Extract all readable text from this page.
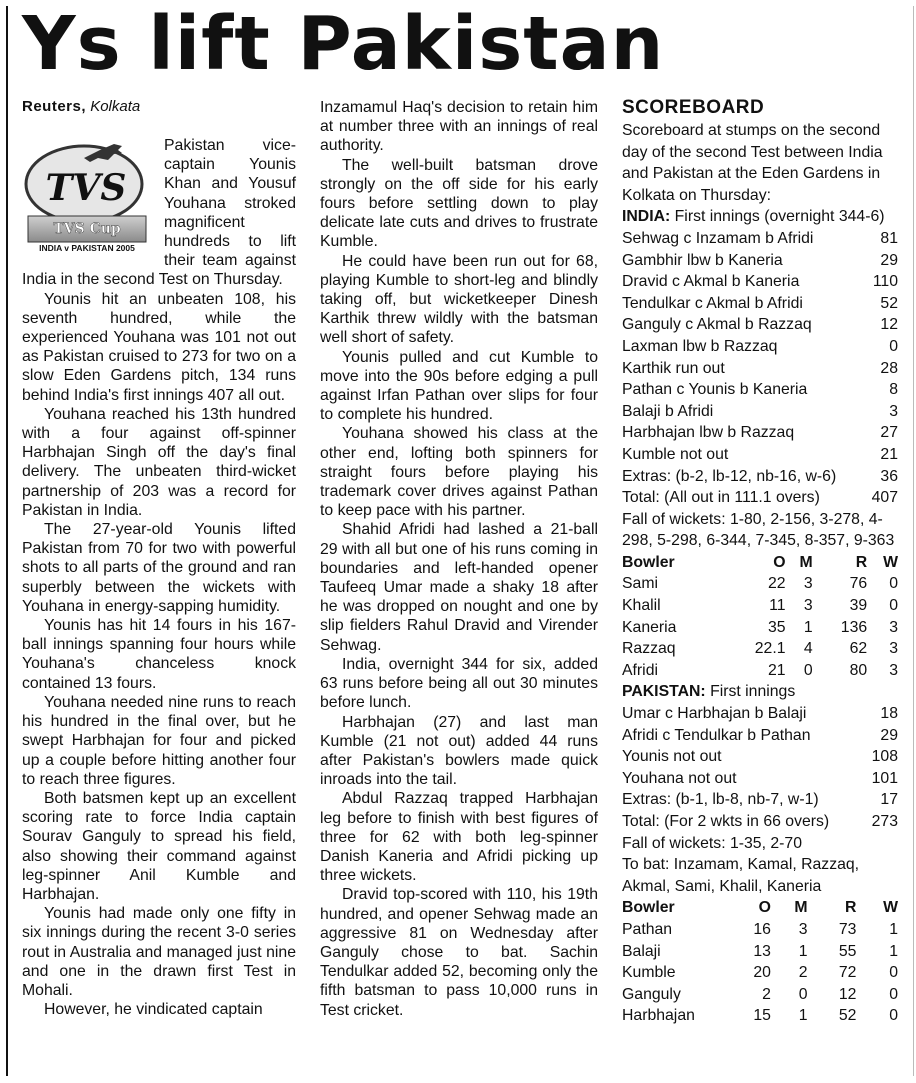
Ys lift Pakistan
Reuters, Kolkata
TVS
TVS Cup
INDIA v PAKISTAN 2005

Pakistan vice-captain Younis Khan and Yousuf Youhana stroked magnificent hundreds to lift their team against India in the second Test on Thursday.

Younis hit an unbeaten 108, his seventh hundred, while the experienced Youhana was 101 not out as Pakistan cruised to 273 for two on a slow Eden Gardens pitch, 134 runs behind India's first innings 407 all out.

Youhana reached his 13th hundred with a four against off-spinner Harbhajan Singh off the day's final delivery. The unbeaten third-wicket partnership of 203 was a record for Pakistan in India.

The 27-year-old Younis lifted Pakistan from 70 for two with powerful shots to all parts of the ground and ran superbly between the wickets with Youhana in energy-sapping humidity.

Younis has hit 14 fours in his 167-ball innings spanning four hours while Youhana's chanceless knock contained 13 fours.

Youhana needed nine runs to reach his hundred in the final over, but he swept Harbhajan for four and picked up a couple before hitting another four to reach three figures.

Both batsmen kept up an excellent scoring rate to force India captain Sourav Ganguly to spread his field, also showing their command against leg-spinner Anil Kumble and Harbhajan.

Younis had made only one fifty in six innings during the recent 3-0 series rout in Australia and managed just nine and one in the drawn first Test in Mohali.

However, he vindicated captain

Inzamamul Haq's decision to retain him at number three with an innings of real authority.

The well-built batsman drove strongly on the off side for his early fours before settling down to play delicate late cuts and drives to frustrate Kumble.

He could have been run out for 68, playing Kumble to short-leg and blindly taking off, but wicketkeeper Dinesh Karthik threw wildly with the batsman well short of safety.

Younis pulled and cut Kumble to move into the 90s before edging a pull against Irfan Pathan over slips for four to complete his hundred.

Youhana showed his class at the other end, lofting both spinners for straight fours before playing his trademark cover drives against Pathan to keep pace with his partner.

Shahid Afridi had lashed a 21-ball 29 with all but one of his runs coming in boundaries and left-handed opener Taufeeq Umar made a shaky 18 after he was dropped on nought and one by slip fielders Rahul Dravid and Virender Sehwag.

India, overnight 344 for six, added 63 runs before being all out 30 minutes before lunch.

Harbhajan (27) and last man Kumble (21 not out) added 44 runs after Pakistan's bowlers made quick inroads into the tail.

Abdul Razzaq trapped Harbhajan leg before to finish with best figures of three for 62 with both leg-spinner Danish Kaneria and Afridi picking up three wickets.

Dravid top-scored with 110, his 19th hundred, and opener Sehwag made an aggressive 81 on Wednesday after Ganguly chose to bat. Sachin Tendulkar added 52, becoming only the fifth batsman to pass 10,000 runs in Test cricket.

SCOREBOARD

Scoreboard at stumps on the second day of the second Test between India and Pakistan at the Eden Gardens in Kolkata on Thursday:

INDIA: First innings (overnight 344-6)

Sehwag c Inzamam b Afridi	81
Gambhir lbw b Kaneria	29
Dravid c Akmal b Kaneria	110
Tendulkar c Akmal b Afridi	52
Ganguly c Akmal b Razzaq	12
Laxman lbw b Razzaq	0
Karthik run out	28
Pathan c Younis b Kaneria	8
Balaji b Afridi	3
Harbhajan lbw b Razzaq	27
Kumble not out	21
Extras: (b-2, lb-12, nb-16, w-6)	36
Total: (All out in 111.1 overs)	407

Fall of wickets: 1-80, 2-156, 3-278, 4-298, 5-298, 6-344, 7-345, 8-357, 9-363

Bowler	O	M	R	W
Sami	22	3	76	0
Khalil	11	3	39	0
Kaneria	35	1	136	3
Razzaq	22.1	4	62	3
Afridi	21	0	80	3

PAKISTAN: First innings

Umar c Harbhajan b Balaji	18
Afridi c Tendulkar b Pathan	29
Younis not out	108
Youhana not out	101
Extras: (b-1, lb-8, nb-7, w-1)	17
Total: (For 2 wkts in 66 overs)	273

Fall of wickets: 1-35, 2-70

To bat: Inzamam, Kamal, Razzaq, Akmal, Sami, Khalil, Kaneria

Bowler	O	M	R	W
Pathan	16	3	73	1
Balaji	13	1	55	1
Kumble	20	2	72	0
Ganguly	2	0	12	0
Harbhajan	15	1	52	0
